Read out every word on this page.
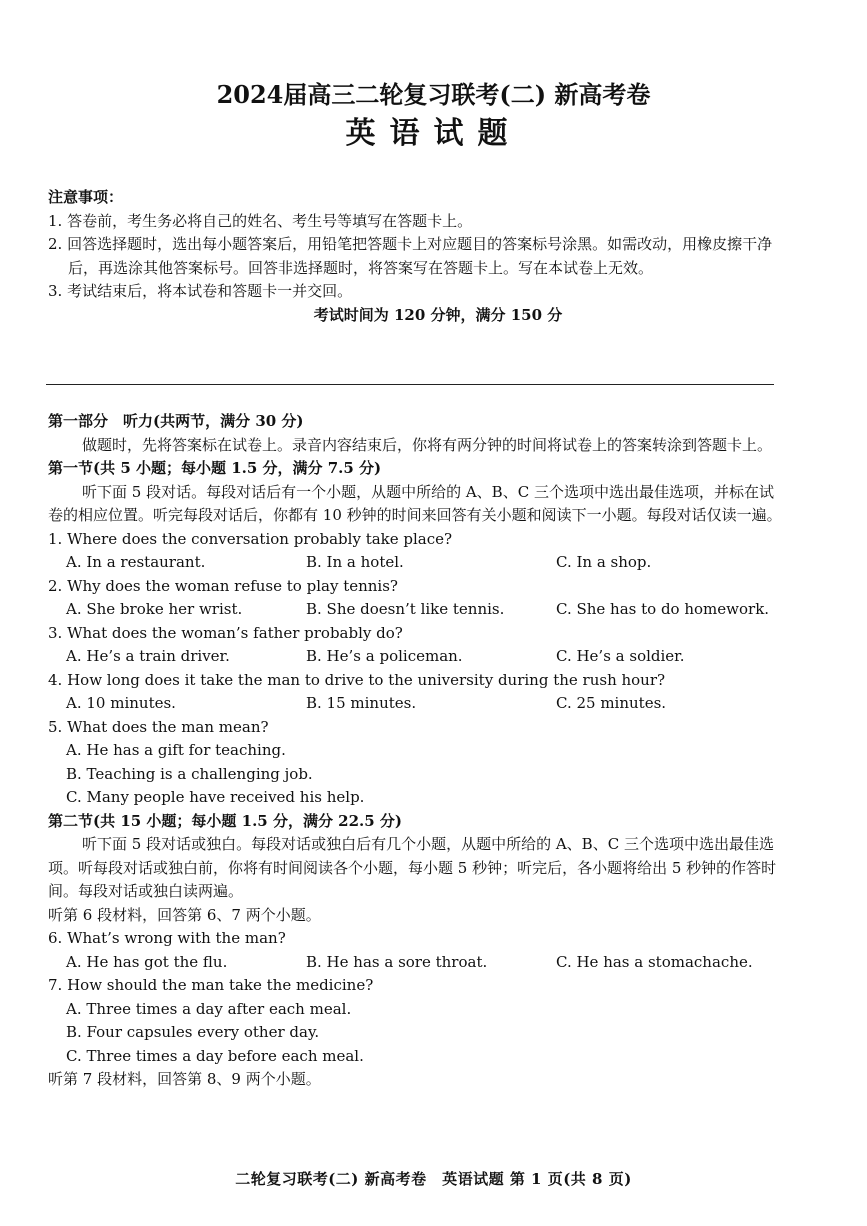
2024届高三二轮复习联考(二) 新高考卷
英语试题

注意事项：

1. 答卷前，考生务必将自己的姓名、考生号等填写在答题卡上。

2. 回答选择题时，选出每小题答案后，用铅笔把答题卡上对应题目的答案标号涂黑。如需改动，用橡皮擦干净后，再选涂其他答案标号。回答非选择题时，将答案写在答题卡上。写在本试卷上无效。

3. 考试结束后，将本试卷和答题卡一并交回。

考试时间为 120 分钟，满分 150 分

第一部分　听力(共两节，满分 30 分)

做题时，先将答案标在试卷上。录音内容结束后，你将有两分钟的时间将试卷上的答案转涂到答题卡上。

第一节(共 5 小题；每小题 1.5 分，满分 7.5 分)

听下面 5 段对话。每段对话后有一个小题，从题中所给的 A、B、C 三个选项中选出最佳选项，并标在试卷的相应位置。听完每段对话后，你都有 10 秒钟的时间来回答有关小题和阅读下一小题。每段对话仅读一遍。

1. Where does the conversation probably take place?

A. In a restaurant.	B. In a hotel.	C. In a shop.

2. Why does the woman refuse to play tennis?

A. She broke her wrist.	B. She doesn’t like tennis.	C. She has to do homework.

3. What does the woman’s father probably do?

A. He’s a train driver.	B. He’s a policeman.	C. He’s a soldier.

4. How long does it take the man to drive to the university during the rush hour?

A. 10 minutes.	B. 15 minutes.	C. 25 minutes.

5. What does the man mean?

A. He has a gift for teaching.

B. Teaching is a challenging job.

C. Many people have received his help.

第二节(共 15 小题；每小题 1.5 分，满分 22.5 分)

听下面 5 段对话或独白。每段对话或独白后有几个小题，从题中所给的 A、B、C 三个选项中选出最佳选项。听每段对话或独白前，你将有时间阅读各个小题，每小题 5 秒钟；听完后，各小题将给出 5 秒钟的作答时间。每段对话或独白读两遍。

听第 6 段材料，回答第 6、7 两个小题。

6. What’s wrong with the man?

A. He has got the flu.	B. He has a sore throat.	C. He has a stomachache.

7. How should the man take the medicine?

A. Three times a day after each meal.

B. Four capsules every other day.

C. Three times a day before each meal.

听第 7 段材料，回答第 8、9 两个小题。

二轮复习联考(二) 新高考卷　英语试题 第 1 页(共 8 页)
